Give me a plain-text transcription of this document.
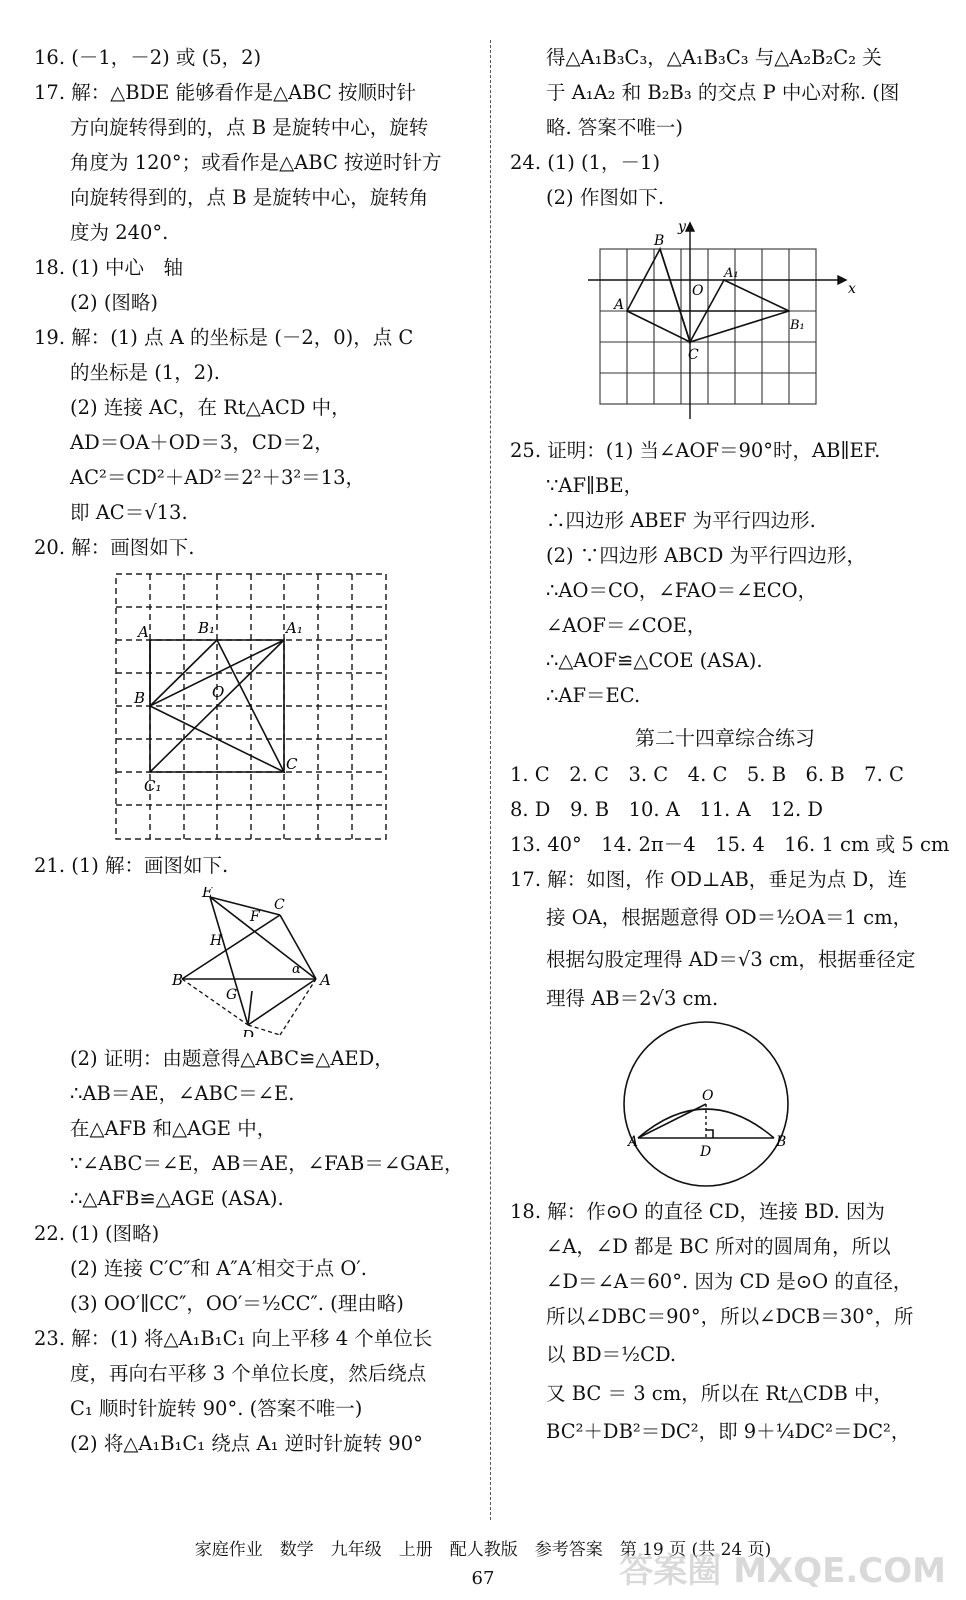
16. (－1，－2) 或 (5，2)
17. 解：△BDE 能够看作是△ABC 按顺时针
方向旋转得到的，点 B 是旋转中心，旋转
角度为 120°；或看作是△ABC 按逆时针方
向旋转得到的，点 B 是旋转中心，旋转角
度为 240°.
18. (1) 中心　轴
(2) (图略)
19. 解：(1) 点 A 的坐标是 (－2，0)，点 C
的坐标是 (1，2).
(2) 连接 AC，在 Rt△ACD 中，
AD＝OA＋OD＝3，CD＝2，
AC²＝CD²＋AD²＝2²＋3²＝13，
即 AC＝√13.
20. 解：画图如下.
A	B₁	A₁
B	O
C₁
C
21. (1) 解：画图如下.
E
F
C
H
B
G
α
A
D
(2) 证明：由题意得△ABC≌△AED，
∴AB＝AE，∠ABC＝∠E.
在△AFB 和△AGE 中，
∵∠ABC＝∠E，AB＝AE，∠FAB＝∠GAE，
∴△AFB≌△AGE (ASA).
22. (1) (图略)
(2) 连接 C′C″和 A″A′相交于点 O′.
(3) OO′∥CC″，OO′＝½CC″. (理由略)
23. 解：(1) 将△A₁B₁C₁ 向上平移 4 个单位长
度，再向右平移 3 个单位长度，然后绕点
C₁ 顺时针旋转 90°. (答案不唯一)
(2) 将△A₁B₁C₁ 绕点 A₁ 逆时针旋转 90°
得△A₁B₃C₃，△A₁B₃C₃ 与△A₂B₂C₂ 关
于 A₁A₂ 和 B₂B₃ 的交点 P 中心对称. (图
略. 答案不唯一)
24. (1) (1，－1)
(2) 作图如下.
y
x
B
A₁
O
A
B₁
C
25. 证明：(1) 当∠AOF＝90°时，AB∥EF.
∵AF∥BE，
∴四边形 ABEF 为平行四边形.
(2) ∵四边形 ABCD 为平行四边形，
∴AO＝CO，∠FAO＝∠ECO，
∠AOF＝∠COE，
∴△AOF≌△COE (ASA).
∴AF＝EC.
第二十四章综合练习
1. C　2. C　3. C　4. C　5. B　6. B　7. C
8. D　9. B　10. A　11. A　12. D
13. 40°　14. 2π－4　15. 4　16. 1 cm 或 5 cm
17. 解：如图，作 OD⊥AB，垂足为点 D，连
接 OA，根据题意得 OD＝½OA＝1 cm，
根据勾股定理得 AD＝√3 cm，根据垂径定
理得 AB＝2√3 cm.
O
A
D
B
18. 解：作⊙O 的直径 CD，连接 BD. 因为
∠A，∠D 都是 BC 所对的圆周角，所以
∠D＝∠A＝60°. 因为 CD 是⊙O 的直径，
所以∠DBC＝90°，所以∠DCB＝30°，所
以 BD＝½CD.
又 BC ＝ 3 cm，所以在 Rt△CDB 中，
BC²＋DB²＝DC²，即 9＋¼DC²＝DC²，
家庭作业　数学　九年级　上册　配人教版　参考答案　第 19 页 (共 24 页)
67	答案圈 MXQE.COM
